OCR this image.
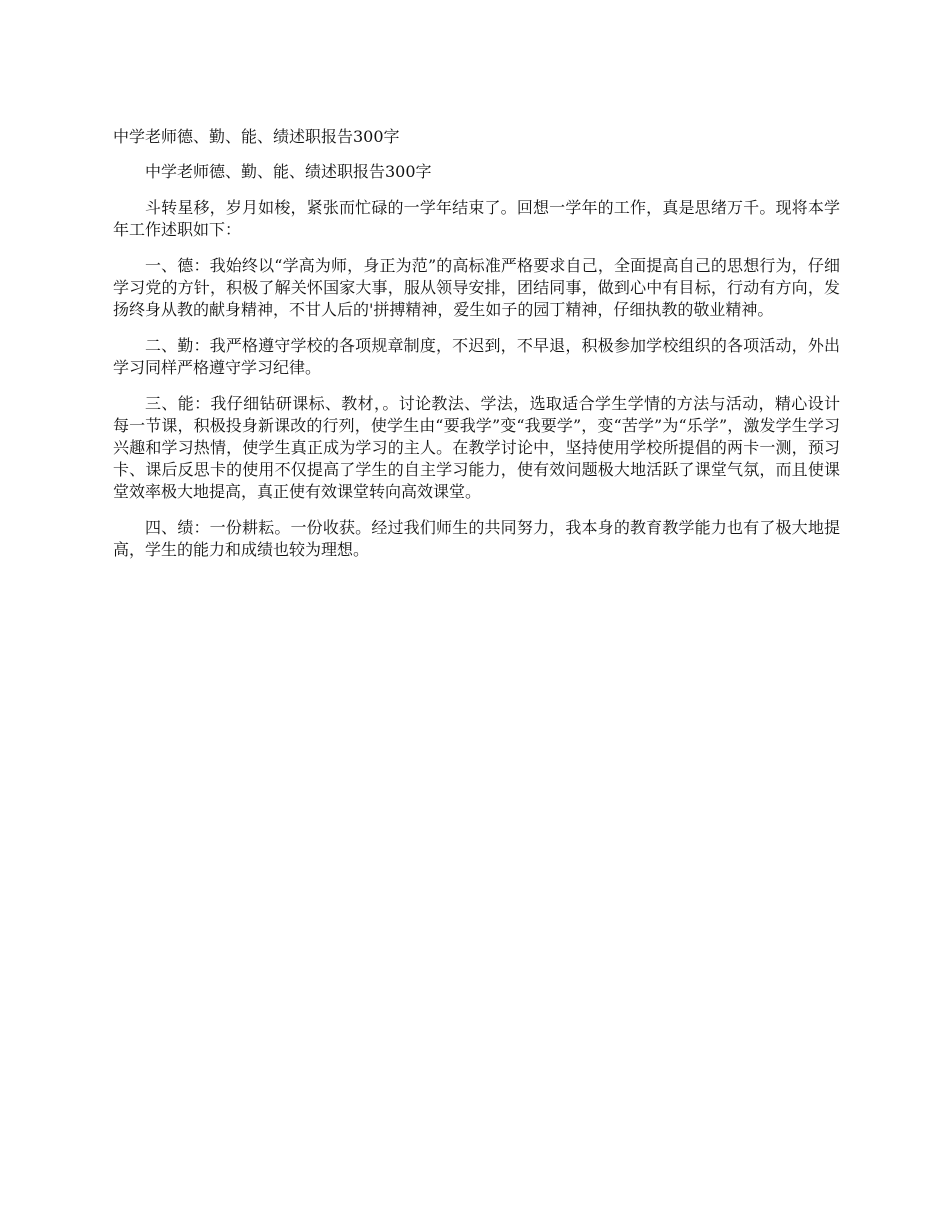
中学老师德、勤、能、绩述职报告300字

中学老师德、勤、能、绩述职报告300字

斗转星移，岁月如梭，紧张而忙碌的一学年结束了。回想一学年的工作，真是思绪万千。现将本学年工作述职如下：

一、德：我始终以“学高为师，身正为范”的高标准严格要求自己，全面提高自己的思想行为，仔细学习党的方针，积极了解关怀国家大事，服从领导安排，团结同事，做到心中有目标，行动有方向，发扬终身从教的献身精神，不甘人后的'拼搏精神，爱生如子的园丁精神，仔细执教的敬业精神。

二、勤：我严格遵守学校的各项规章制度，不迟到，不早退，积极参加学校组织的各项活动，外出学习同样严格遵守学习纪律。

三、能：我仔细钻研课标、教材，。讨论教法、学法，选取适合学生学情的方法与活动，精心设计每一节课，积极投身新课改的行列，使学生由“要我学”变“我要学”，变“苦学”为“乐学”，激发学生学习兴趣和学习热情，使学生真正成为学习的主人。在教学讨论中，坚持使用学校所提倡的两卡一测，预习卡、课后反思卡的使用不仅提高了学生的自主学习能力，使有效问题极大地活跃了课堂气氛，而且使课堂效率极大地提高，真正使有效课堂转向高效课堂。

四、绩：一份耕耘。一份收获。经过我们师生的共同努力，我本身的教育教学能力也有了极大地提高，学生的能力和成绩也较为理想。
